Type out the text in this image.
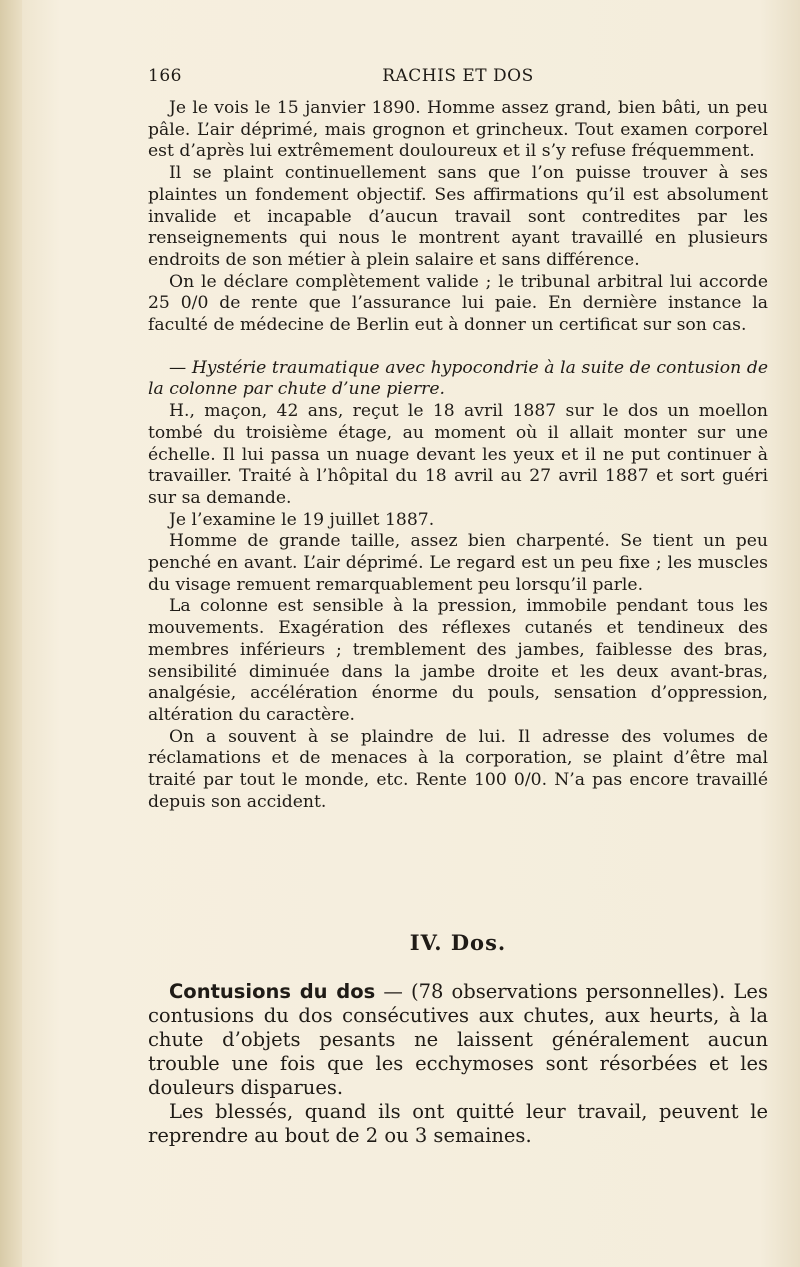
166	RACHIS ET DOS

Je le vois le 15 janvier 1890. Homme assez grand, bien bâti, un peu pâle. L’air déprimé, mais grognon et grincheux. Tout examen corporel est d’après lui extrêmement douloureux et il s’y refuse fréquemment.

Il se plaint continuellement sans que l’on puisse trouver à ses plaintes un fondement objectif. Ses affirmations qu’il est absolument invalide et incapable d’aucun travail sont contredites par les renseignements qui nous le montrent ayant travaillé en plusieurs endroits de son métier à plein salaire et sans différence.

On le déclare complètement valide ; le tribunal arbitral lui accorde 25 0/0 de rente que l’assurance lui paie. En dernière instance la faculté de médecine de Berlin eut à donner un certificat sur son cas.

— Hystérie traumatique avec hypocondrie à la suite de contusion de la colonne par chute d’une pierre.

H., maçon, 42 ans, reçut le 18 avril 1887 sur le dos un moellon tombé du troisième étage, au moment où il allait monter sur une échelle. Il lui passa un nuage devant les yeux et il ne put continuer à travailler. Traité à l’hôpital du 18 avril au 27 avril 1887 et sort guéri sur sa demande.

Je l’examine le 19 juillet 1887.

Homme de grande taille, assez bien charpenté. Se tient un peu penché en avant. L’air déprimé. Le regard est un peu fixe ; les muscles du visage remuent remarquablement peu lorsqu’il parle.

La colonne est sensible à la pression, immobile pendant tous les mouvements. Exagération des réflexes cutanés et tendineux des membres inférieurs ; tremblement des jambes, faiblesse des bras, sensibilité diminuée dans la jambe droite et les deux avant-bras, analgésie, accélération énorme du pouls, sensation d’oppression, altération du caractère.

On a souvent à se plaindre de lui. Il adresse des volumes de réclamations et de menaces à la corporation, se plaint d’être mal traité par tout le monde, etc. Rente 100 0/0. N’a pas encore travaillé depuis son accident.

IV. Dos.

Contusions du dos — (78 observations personnelles). Les contusions du dos consécutives aux chutes, aux heurts, à la chute d’objets pesants ne laissent généralement aucun trouble une fois que les ecchymoses sont résorbées et les douleurs disparues.

Les blessés, quand ils ont quitté leur travail, peuvent le reprendre au bout de 2 ou 3 semaines.
